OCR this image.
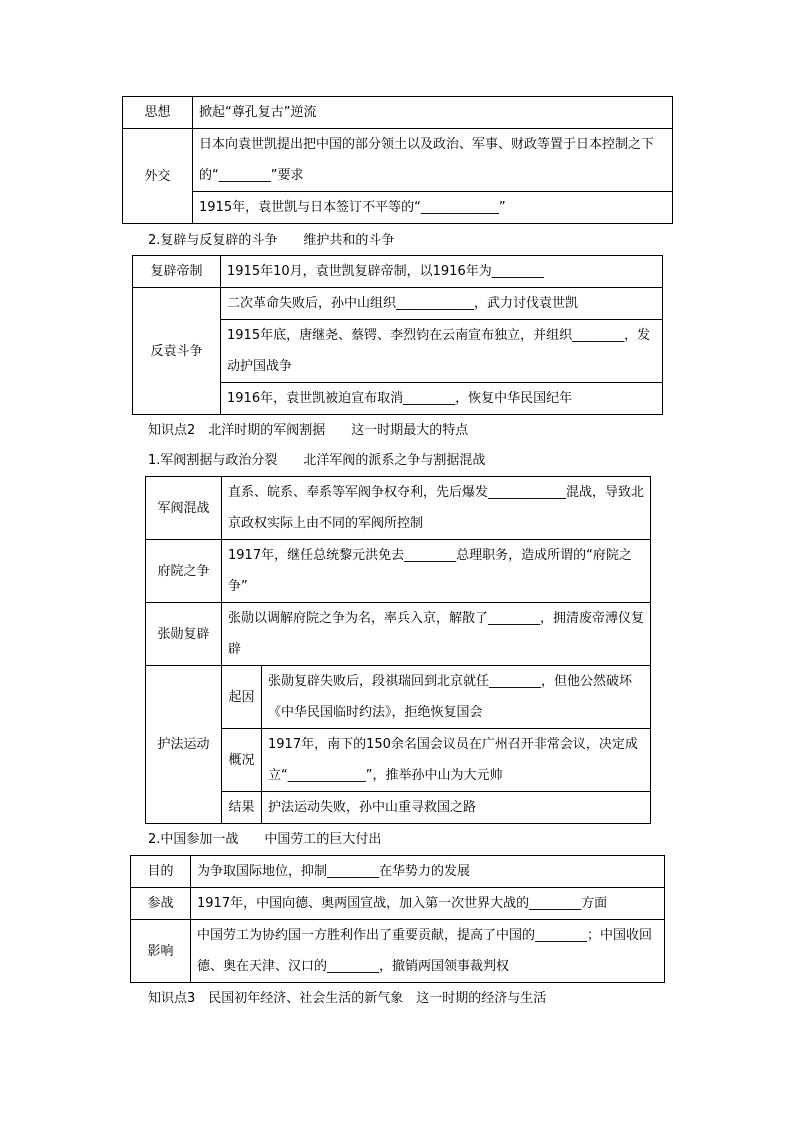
思想	掀起“尊孔复古”逆流
外交	日本向袁世凯提出把中国的部分领土以及政治、军事、财政等置于日本控制之下的“________”要求
	1915年，袁世凯与日本签订不平等的“____________”
2.复辟与反复辟的斗争　　维护共和的斗争
复辟帝制	1915年10月，袁世凯复辟帝制，以1916年为________
反袁斗争	二次革命失败后，孙中山组织____________，武力讨伐袁世凯
	1915年底，唐继尧、蔡锷、李烈钧在云南宣布独立，并组织________，发动护国战争
	1916年，袁世凯被迫宣布取消________，恢复中华民国纪年
知识点2　北洋时期的军阀割据　　这一时期最大的特点
1.军阀割据与政治分裂　　北洋军阀的派系之争与割据混战
军阀混战	直系、皖系、奉系等军阀争权夺利，先后爆发____________混战，导致北京政权实际上由不同的军阀所控制	
府院之争	1917年，继任总统黎元洪免去________总理职务，造成所谓的“府院之争”	
张勋复辟	张勋以调解府院之争为名，率兵入京，解散了________，拥清废帝溥仪复辟	
护法运动	起因	张勋复辟失败后，段祺瑞回到北京就任________，但他公然破坏《中华民国临时约法》，拒绝恢复国会
	概况	1917年，南下的150余名国会议员在广州召开非常会议，决定成立“____________”，推举孙中山为大元帅
	结果	护法运动失败，孙中山重寻救国之路
2.中国参加一战　　中国劳工的巨大付出
目的	为争取国际地位，抑制________在华势力的发展
参战	1917年，中国向德、奥两国宣战，加入第一次世界大战的________方面
影响	中国劳工为协约国一方胜利作出了重要贡献，提高了中国的________；中国收回德、奥在天津、汉口的________，撤销两国领事裁判权
知识点3　民国初年经济、社会生活的新气象　这一时期的经济与生活
